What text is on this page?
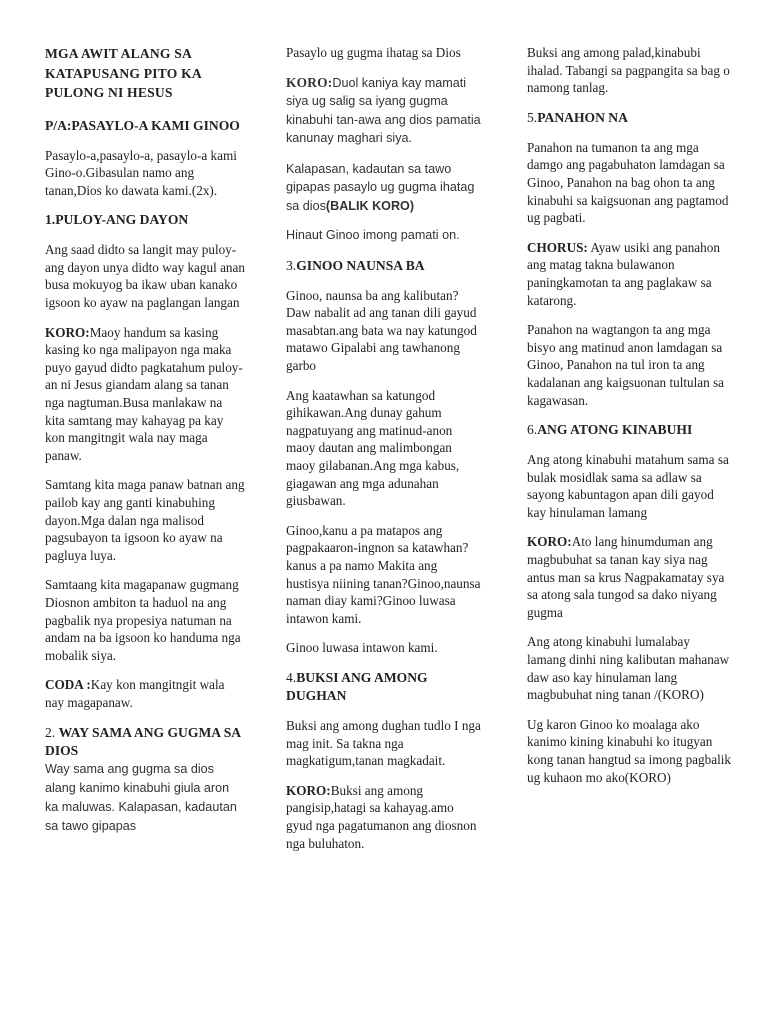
MGA AWIT ALANG SA KATAPUSANG PITO KA PULONG NI HESUS
P/A:PASAYLO-A KAMI GINOO
Pasaylo-a,pasaylo-a, pasaylo-a kami Gino-o.Gibasulan namo ang tanan,Dios ko dawata kami.(2x).
1.PULOY-ANG DAYON
Ang saad didto sa langit may puloy-ang dayon unya didto way kagul anan busa mokuyog ba ikaw uban kanako igsoon ko ayaw na paglangan langan
KORO:Maoy handum sa kasing kasing ko nga malipayon nga maka puyo gayud didto pagkatahum puloy-an ni Jesus giandam alang sa tanan nga nagtuman.Busa manlakaw na kita samtang may kahayag pa kay kon mangitngit wala nay maga panaw.
Samtang kita maga panaw batnan ang pailob kay ang ganti kinabuhing dayon.Mga dalan nga malisod pagsubayon ta igsoon ko ayaw na pagluya luya.
Samtaang kita magapanaw gugmang Diosnon ambiton ta haduol na ang pagbalik nya propesiya natuman na andam na ba igsoon ko handuma nga mobalik siya.
CODA :Kay kon mangitngit wala nay magapanaw.
2. WAY SAMA ANG GUGMA SA DIOS
Way sama ang gugma sa dios alang kanimo kinabuhi giula aron ka maluwas. Kalapasan, kadautan sa tawo gipapas
Pasaylo ug gugma ihatag sa Dios
KORO:Duol kaniya kay mamati siya ug salig sa iyang gugma kinabuhi tan-awa ang dios pamatia kanunay maghari siya.
Kalapasan, kadautan sa tawo gipapas pasaylo ug gugma ihatag sa dios(BALIK KORO)
Hinaut Ginoo imong pamati on.
3.GINOO NAUNSA BA
Ginoo, naunsa ba ang kalibutan?Daw nabalit ad ang tanan dili gayud masabtan.ang bata wa nay katungod matawo Gipalabi ang tawhanong garbo
Ang kaatawhan sa katungod gihikawan.Ang dunay gahum nagpatuyang ang matinud-anon maoy dautan ang malimbongan maoy gilabanan.Ang mga kabus, giagawan ang mga adunahan giusbawan.
Ginoo,kanu a pa matapos ang pagpakaaron-ingnon sa katawhan?kanus a pa namo Makita ang hustisya niining tanan?Ginoo,naunsa naman diay kami?Ginoo luwasa intawon kami.
Ginoo luwasa intawon kami.
4.BUKSI ANG AMONG DUGHAN
Buksi ang among dughan tudlo I nga mag init. Sa takna nga magkatigum,tanan magkadait.
KORO:Buksi ang among pangisip,hatagi sa kahayag.amo gyud nga pagatumanon ang diosnon nga buluhaton.
Buksi ang among palad,kinabubi ihalad. Tabangi sa pagpangita sa bag o namong tanlag.
5.PANAHON NA
Panahon na tumanon ta ang mga damgo ang pagabuhaton lamdagan sa Ginoo, Panahon na bag ohon ta ang kinabuhi sa kaigsuonan ang pagtamod ug pagbati.
CHORUS: Ayaw usiki ang panahon ang matag takna bulawanon paningkamotan ta ang paglakaw sa katarong.
Panahon na wagtangon ta ang mga bisyo ang matinud anon lamdagan sa Ginoo, Panahon na tul iron ta ang kadalanan ang kaigsuonan tultulan sa kagawasan.
6.ANG ATONG KINABUHI
Ang atong kinabuhi matahum sama sa bulak mosidlak sama sa adlaw sa sayong kabuntagon apan dili gayod kay hinulaman lamang
KORO:Ato lang hinumduman ang magbubuhat sa tanan kay siya nag antus man sa krus Nagpakamatay sya sa atong sala tungod sa dako niyang gugma
Ang atong kinabuhi lumalabay lamang dinhi ning kalibutan mahanaw daw aso kay hinulaman lang magbubuhat ning tanan /(KORO)
Ug karon Ginoo ko moalaga ako kanimo kining kinabuhi ko itugyan kong tanan hangtud sa imong pagbalik ug kuhaon mo ako(KORO)
